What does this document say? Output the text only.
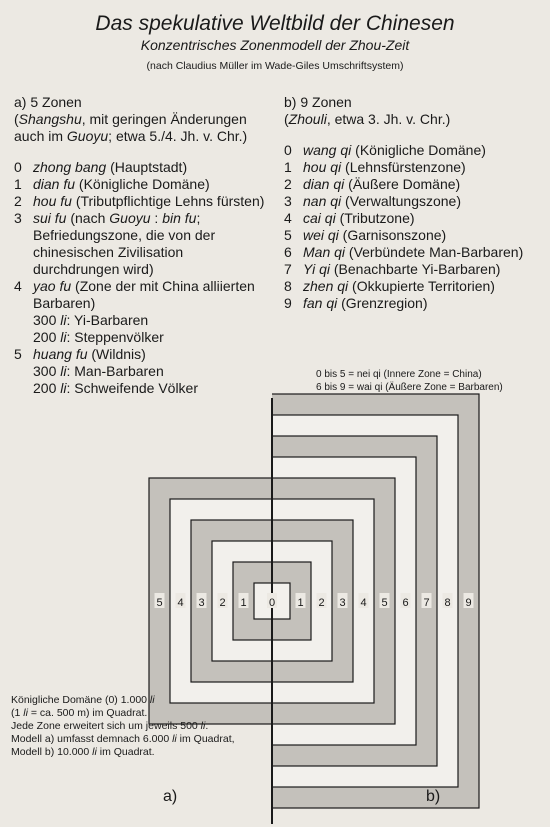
Das spekulative Weltbild der Chinesen
Konzentrisches Zonenmodell der Zhou-Zeit
(nach Claudius Müller im Wade-Giles Umschriftsystem)

a) 5 Zonen

(Shangshu, mit geringen Änderungen auch im Guoyu; etwa 5./4. Jh. v. Chr.)

0 zhong bang (Hauptstadt)
1 dian fu (Königliche Domäne)
2 hou fu (Tributpflichtige Lehns fürsten)
3 sui fu (nach Guoyu : bin fu; Befriedungszone, die von der chinesischen Zivilisation durchdrungen wird)
4 yao fu (Zone der mit China alliierten Barbaren)
300 li: Yi-Barbaren
200 li: Steppenvölker
5 huang fu (Wildnis)
300 li: Man-Barbaren
200 li: Schweifende Völker

b) 9 Zonen

(Zhouli, etwa 3. Jh. v. Chr.)

0 wang qi (Königliche Domäne)
1 hou qi (Lehnsfürstenzone)
2 dian qi (Äußere Domäne)
3 nan qi (Verwaltungszone)
4 cai qi (Tributzone)
5 wei qi (Garnisonszone)
6 Man qi (Verbündete Man-Barbaren)
7 Yi qi (Benachbarte Yi-Barbaren)
8 zhen qi (Okkupierte Territorien)
9 fan qi (Grenzregion)
0 bis 5 = nei qi (Innere Zone = China)
6 bis 9 = wai qi (Äußere Zone = Barbaren)
0
5 4 3 2 1	1 2 3 4 5 6 7 8 9
Königliche Domäne (0) 1.000 li
(1 li = ca. 500 m) im Quadrat.
Jede Zone erweitert sich um jeweils 500 li.
Modell a) umfasst demnach 6.000 li im Quadrat,
Modell b) 10.000 li im Quadrat.
a)	b)
